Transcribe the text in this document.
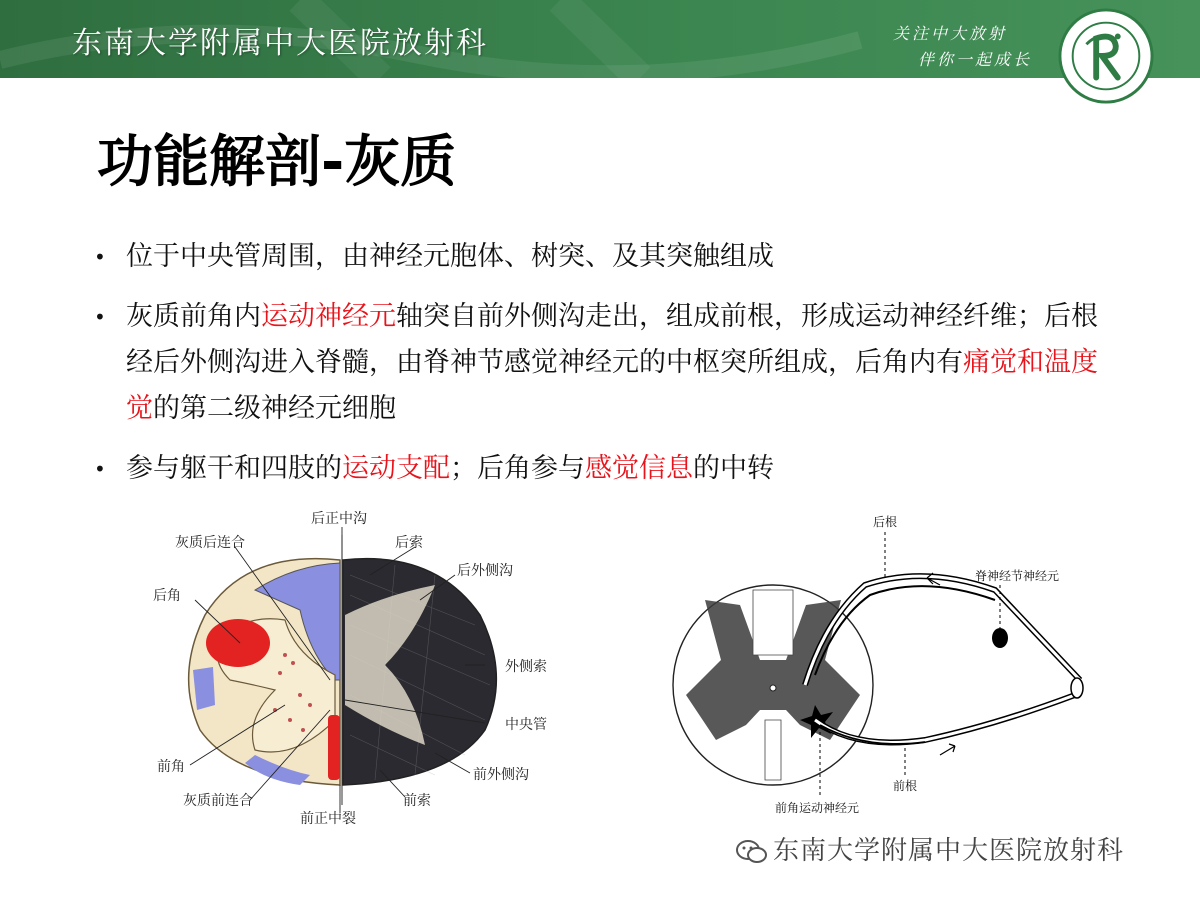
东南大学附属中大医院放射科	关注中大放射
伴你一起成长
功能解剖-灰质
• 位于中央管周围，由神经元胞体、树突、及其突触组成
• 灰质前角内运动神经元轴突自前外侧沟走出，组成前根，形成运动神经纤维；后根经后外侧沟进入脊髓，由脊神节感觉神经元的中枢突所组成，后角内有痛觉和温度觉的第二级神经元细胞
• 参与躯干和四肢的运动支配；后角参与感觉信息的中转
后正中沟
灰质后连合	后索
后外侧沟
后角
外侧索
中央管
前角	前外侧沟
灰质前连合	前索
前正中裂
后根
脊神经节神经元
前根
前角运动神经元
东南大学附属中大医院放射科
